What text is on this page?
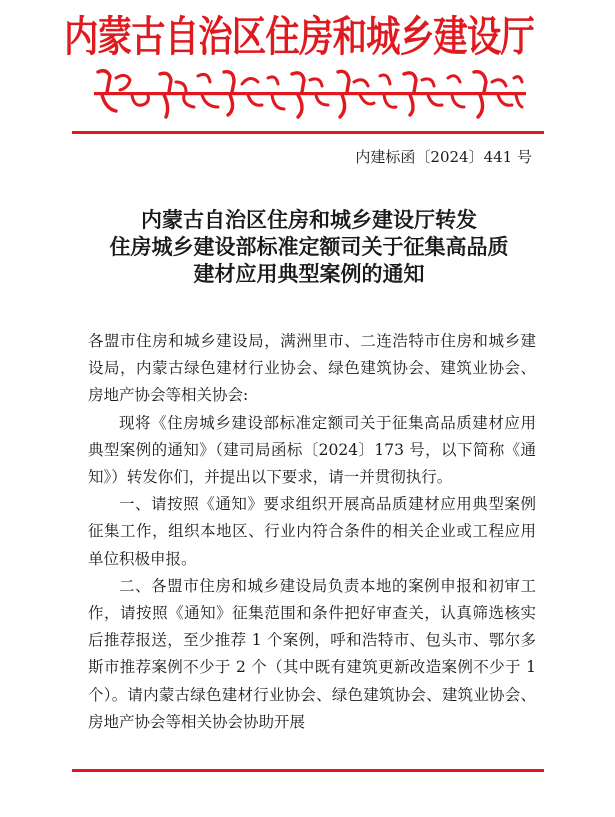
内蒙古自治区住房和城乡建设厅
内建标函〔2024〕441 号
内蒙古自治区住房和城乡建设厅转发
住房城乡建设部标准定额司关于征集高品质
建材应用典型案例的通知

各盟市住房和城乡建设局，满洲里市、二连浩特市住房和城乡建设局，内蒙古绿色建材行业协会、绿色建筑协会、建筑业协会、房地产协会等相关协会:

现将《住房城乡建设部标准定额司关于征集高品质建材应用典型案例的通知》（建司局函标〔2024〕173 号，以下简称《通知》）转发你们，并提出以下要求，请一并贯彻执行。

一、请按照《通知》要求组织开展高品质建材应用典型案例征集工作，组织本地区、行业内符合条件的相关企业或工程应用单位积极申报。

二、各盟市住房和城乡建设局负责本地的案例申报和初审工作，请按照《通知》征集范围和条件把好审查关，认真筛选核实后推荐报送，至少推荐 1 个案例，呼和浩特市、包头市、鄂尔多斯市推荐案例不少于 2 个（其中既有建筑更新改造案例不少于 1 个）。请内蒙古绿色建材行业协会、绿色建筑协会、建筑业协会、房地产协会等相关协会协助开展
